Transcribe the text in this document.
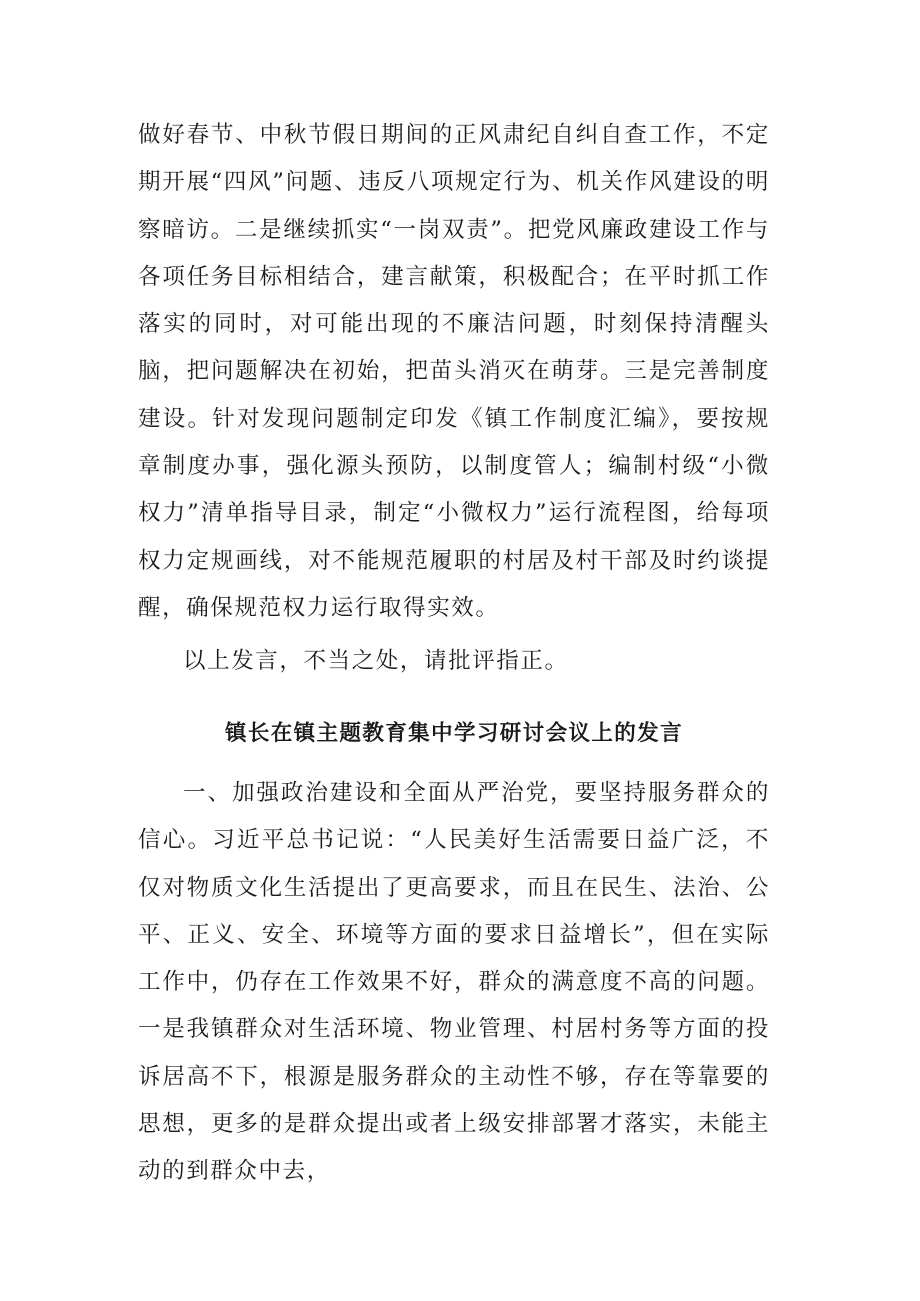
做好春节、中秋节假日期间的正风肃纪自纠自查工作，不定期开展“四风”问题、违反八项规定行为、机关作风建设的明察暗访。二是继续抓实“一岗双责”。把党风廉政建设工作与各项任务目标相结合，建言献策，积极配合；在平时抓工作落实的同时，对可能出现的不廉洁问题，时刻保持清醒头脑，把问题解决在初始，把苗头消灭在萌芽。三是完善制度建设。针对发现问题制定印发《镇工作制度汇编》，要按规章制度办事，强化源头预防，以制度管人；编制村级“小微权力”清单指导目录，制定“小微权力”运行流程图，给每项权力定规画线，对不能规范履职的村居及村干部及时约谈提醒，确保规范权力运行取得实效。

以上发言，不当之处，请批评指正。

镇长在镇主题教育集中学习研讨会议上的发言

一、加强政治建设和全面从严治党，要坚持服务群众的信心。习近平总书记说：“人民美好生活需要日益广泛，不仅对物质文化生活提出了更高要求，而且在民生、法治、公平、正义、安全、环境等方面的要求日益增长”，但在实际工作中，仍存在工作效果不好，群众的满意度不高的问题。一是我镇群众对生活环境、物业管理、村居村务等方面的投诉居高不下，根源是服务群众的主动性不够，存在等靠要的思想，更多的是群众提出或者上级安排部署才落实，未能主动的到群众中去，
